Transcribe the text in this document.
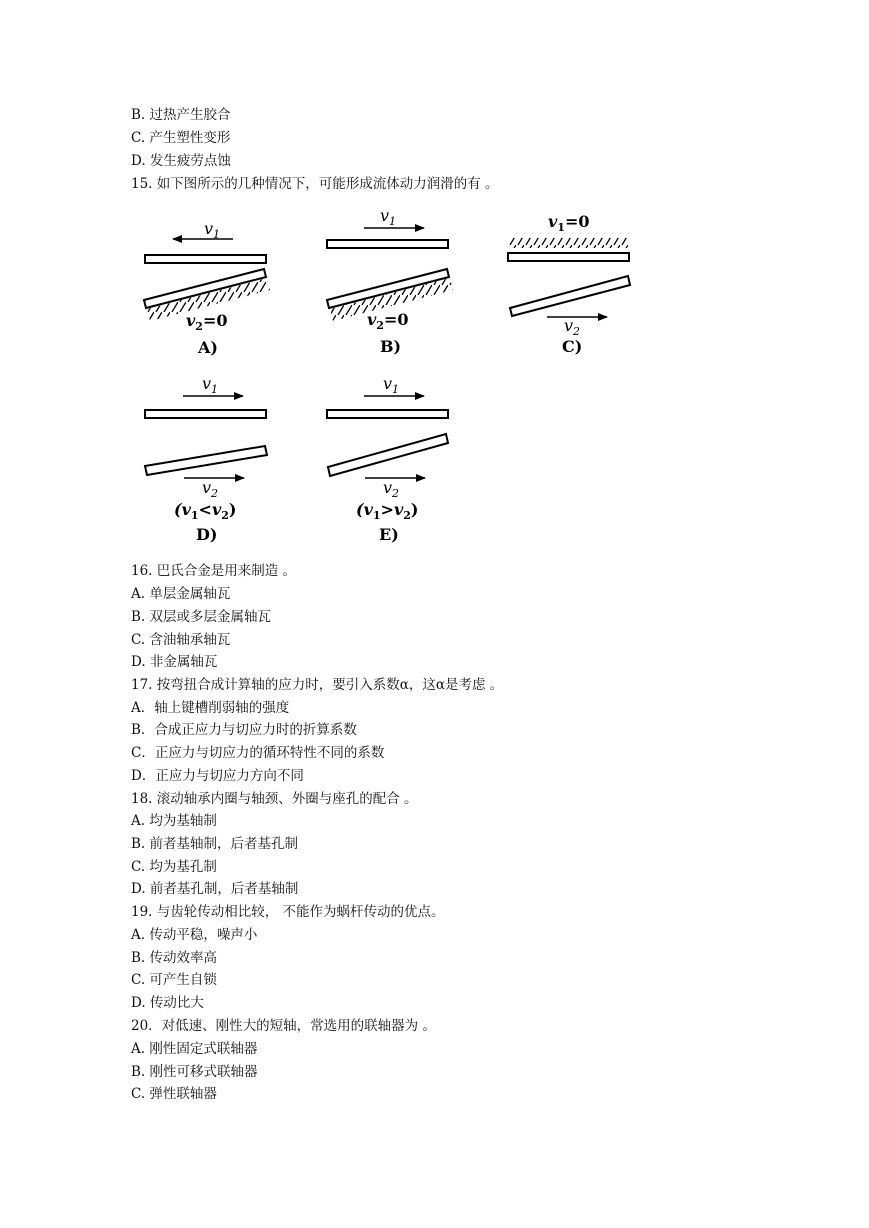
B. 过热产生胶合
C. 产生塑性变形
D. 发生疲劳点蚀
15. 如下图所示的几种情况下，可能形成流体动力润滑的有 。
$v_1$
$v_2=0$
A)
$v_1$
$v_2=0$
B)
$v_1=0$
$v_2$
C)
$v_1$
$v_2$
$(v_1<v_2)$
D)
$v_1$
$v_2$
$(v_1>v_2)$
E)
16. 巴氏合金是用来制造 。
A. 单层金属轴瓦
B. 双层或多层金属轴瓦
C. 含油轴承轴瓦
D. 非金属轴瓦
17. 按弯扭合成计算轴的应力时，要引入系数α，这α是考虑 。
A．轴上键槽削弱轴的强度
B．合成正应力与切应力时的折算系数
C．正应力与切应力的循环特性不同的系数
D．正应力与切应力方向不同
18. 滚动轴承内圈与轴颈、外圈与座孔的配合 。
A. 均为基轴制
B. 前者基轴制，后者基孔制
C. 均为基孔制
D. 前者基孔制，后者基轴制
19. 与齿轮传动相比较， 不能作为蜗杆传动的优点。
A. 传动平稳，噪声小
B. 传动效率高
C. 可产生自锁
D. 传动比大
20．对低速、刚性大的短轴，常选用的联轴器为 。
A. 刚性固定式联轴器
B. 刚性可移式联轴器
C. 弹性联轴器
